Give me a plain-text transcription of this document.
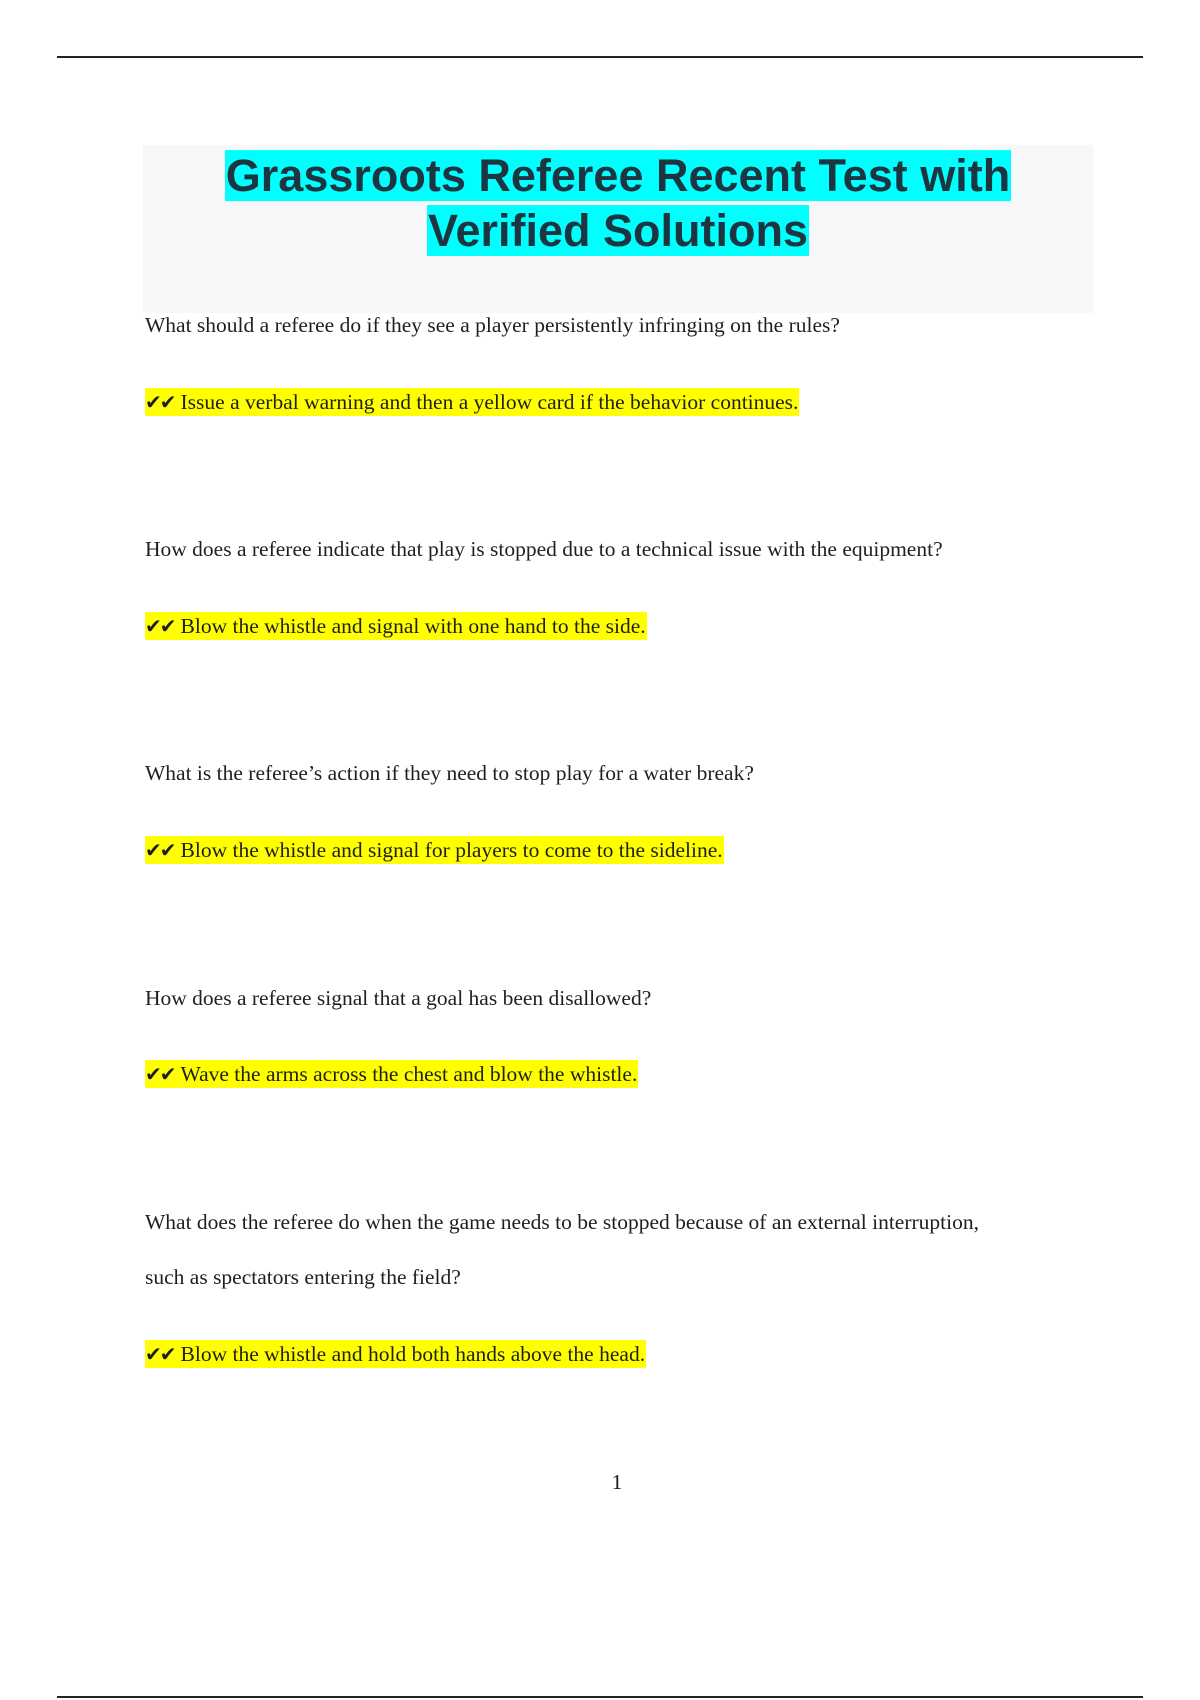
Grassroots Referee Recent Test with
Verified Solutions
What should a referee do if they see a player persistently infringing on the rules?
✔✔ Issue a verbal warning and then a yellow card if the behavior continues.
How does a referee indicate that play is stopped due to a technical issue with the equipment?
✔✔ Blow the whistle and signal with one hand to the side.
What is the referee’s action if they need to stop play for a water break?
✔✔ Blow the whistle and signal for players to come to the sideline.
How does a referee signal that a goal has been disallowed?
✔✔ Wave the arms across the chest and blow the whistle.
What does the referee do when the game needs to be stopped because of an external interruption,
such as spectators entering the field?
✔✔ Blow the whistle and hold both hands above the head.
1
